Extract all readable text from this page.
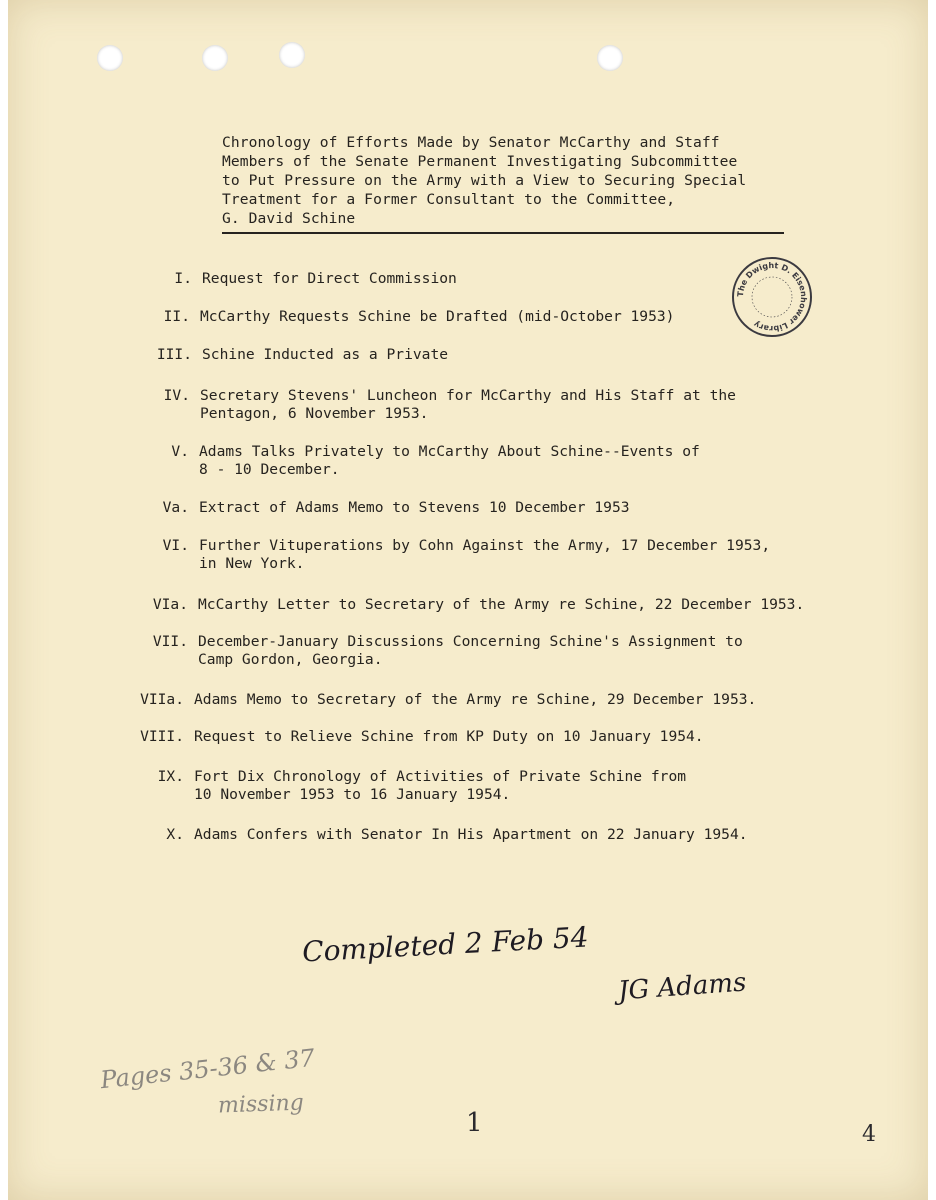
Chronology of Efforts Made by Senator McCarthy and Staff
Members of the Senate Permanent Investigating Subcommittee
to Put Pressure on the Army with a View to Securing Special
Treatment for a Former Consultant to the Committee,
G. David Schine
I. Request for Direct Commission
II. McCarthy Requests Schine be Drafted (mid-October 1953)
III. Schine Inducted as a Private
IV. Secretary Stevens' Luncheon for McCarthy and His Staff at the
Pentagon, 6 November 1953.
V. Adams Talks Privately to McCarthy About Schine--Events of
8 - 10 December.
Va. Extract of Adams Memo to Stevens 10 December 1953
VI. Further Vituperations by Cohn Against the Army, 17 December 1953,
in New York.
VIa. McCarthy Letter to Secretary of the Army re Schine, 22 December 1953.
VII. December-January Discussions Concerning Schine's Assignment to
Camp Gordon, Georgia.
VIIa. Adams Memo to Secretary of the Army re Schine, 29 December 1953.
VIII. Request to Relieve Schine from KP Duty on 10 January 1954.
IX. Fort Dix Chronology of Activities of Private Schine from
10 November 1953 to 16 January 1954.
X. Adams Confers with Senator In His Apartment on 22 January 1954.
The Dwight D. Eisenhower Library
Completed 2 Feb 54
JG Adams
Pages 35-36 & 37
missing
1	4
